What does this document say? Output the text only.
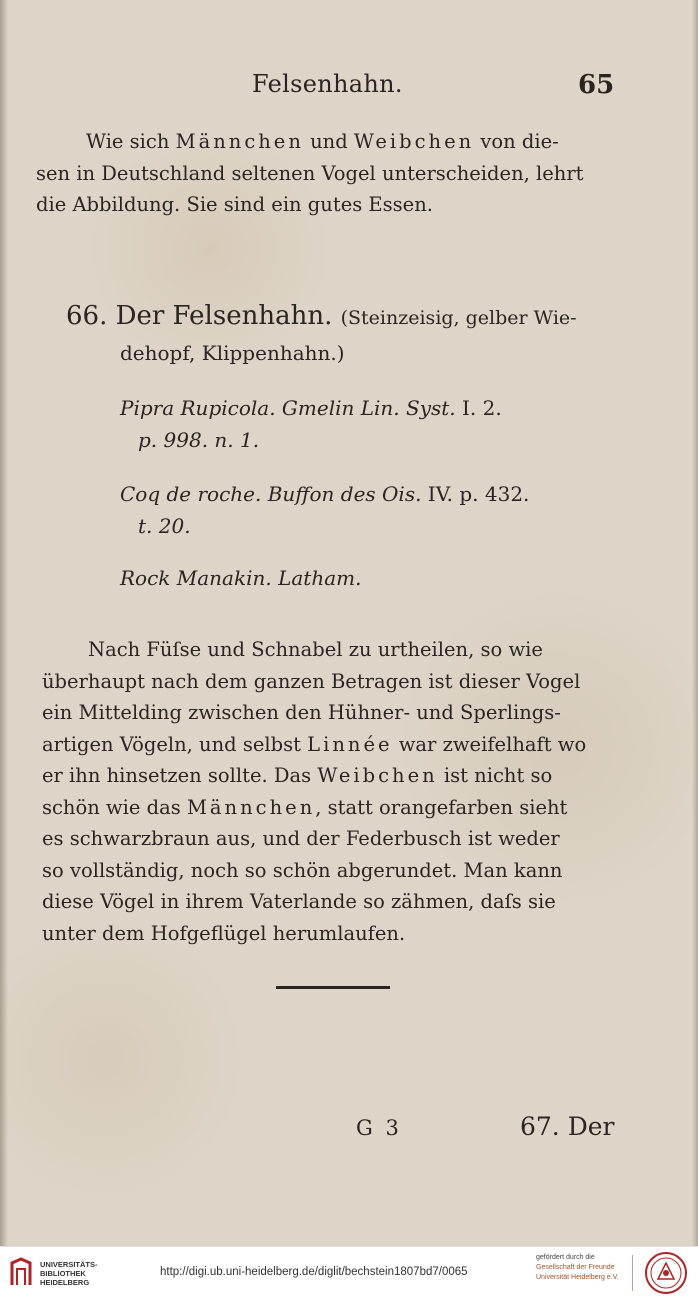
Felsenhahn.	65
Wie sich Männchen und Weibchen von die-
sen in Deutschland seltenen Vogel unterscheiden, lehrt
die Abbildung. Sie sind ein gutes Essen.
66. Der Felsenhahn. (Steinzeisig, gelber Wie-
dehopf, Klippenhahn.)
Pipra Rupicola. Gmelin Lin. Syst. I. 2.
p. 998. n. 1.
Coq de roche. Buffon des Ois. IV. p. 432.
t. 20.
Rock Manakin. Latham.
Nach Füſse und Schnabel zu urtheilen, so wie
überhaupt nach dem ganzen Betragen ist dieser Vogel
ein Mittelding zwischen den Hühner- und Sperlings-
artigen Vögeln, und selbst Linnée war zweifelhaft wo
er ihn hinsetzen sollte. Das Weibchen ist nicht so
schön wie das Männchen, statt orangefarben sieht
es schwarzbraun aus, und der Federbusch ist weder
so vollständig, noch so schön abgerundet. Man kann
diese Vögel in ihrem Vaterlande so zähmen, daſs sie
unter dem Hofgeflügel herumlaufen.
G 3	67. Der
UNIVERSITÄTS-
BIBLIOTHEK
HEIDELBERG
http://digi.ub.uni-heidelberg.de/diglit/bechstein1807bd7/0065
gefördert durch die
Gesellschaft der Freunde
Universität Heidelberg e.V.
